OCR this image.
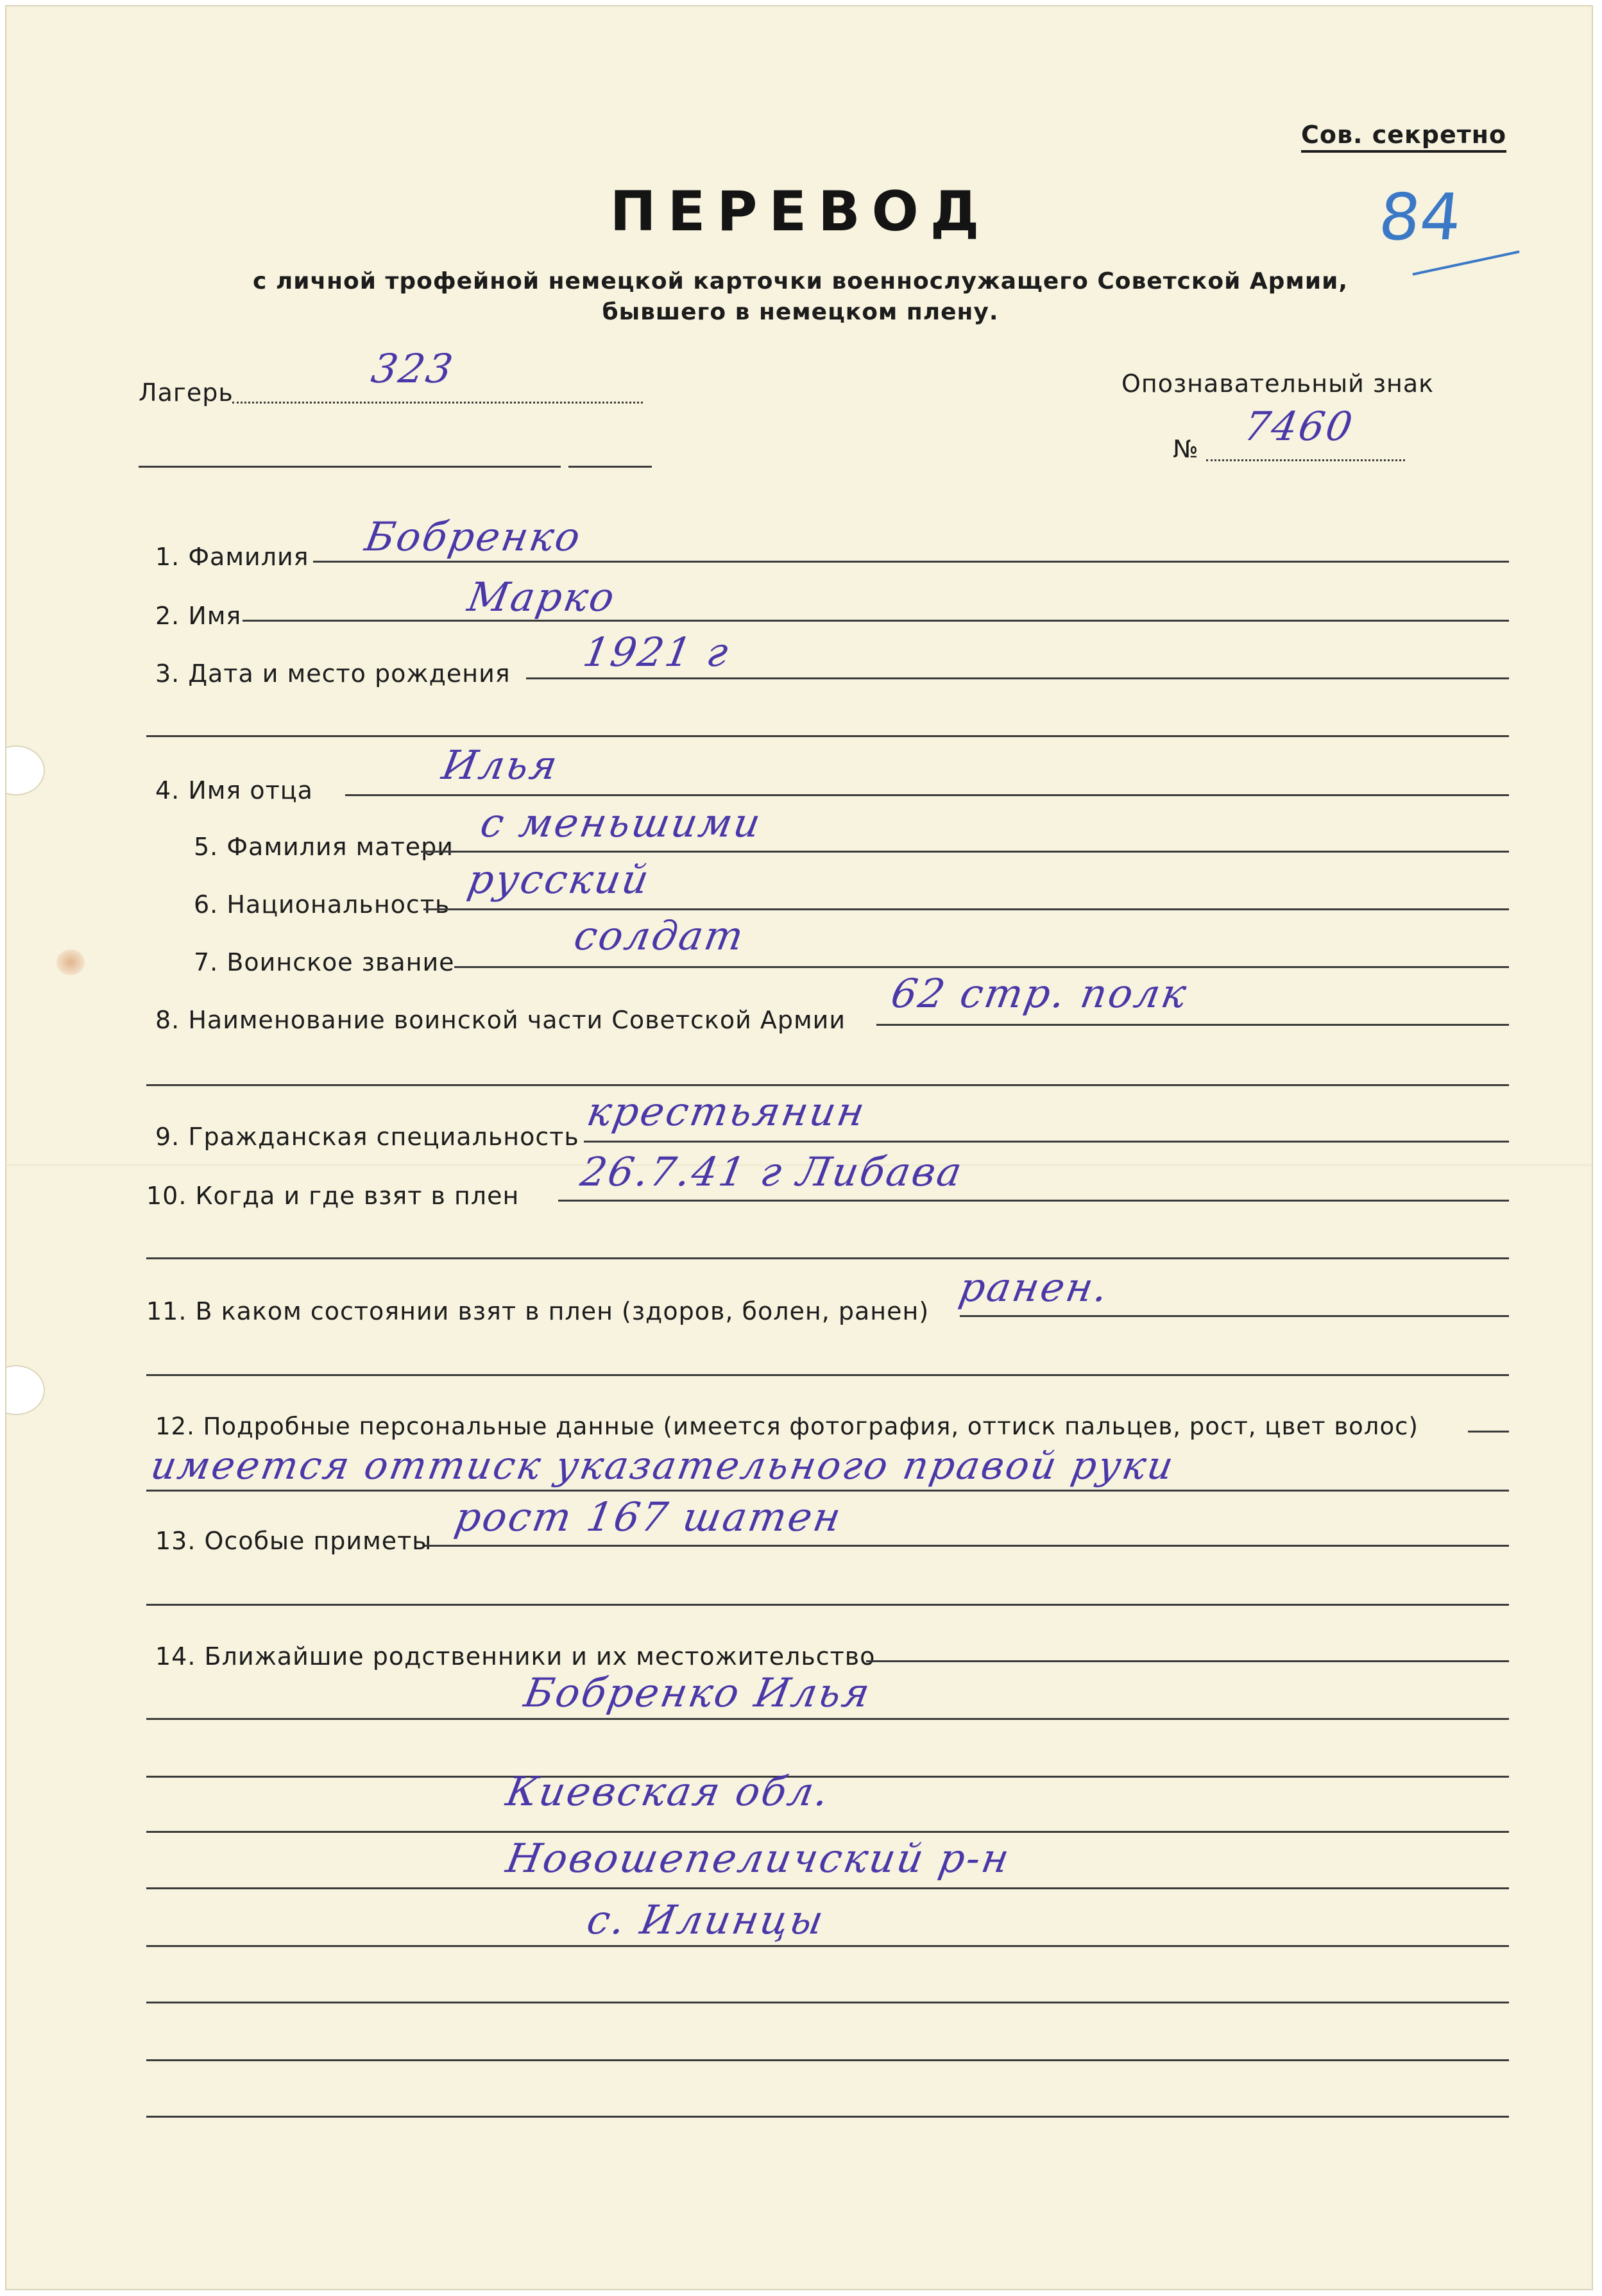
Сов. секретно
84
ПЕРЕВОД
с личной трофейной немецкой карточки военнослужащего Советской Армии,
бывшего в немецком плену.
Лагерь
323	Опознавательный знак
№ 7460
1. Фамилия Бобренко
2. Имя	Марко
3. Дата и место рождения 1921 г
4. Имя отца
Илья
5. Фамилия матери
с меньшими
6. Национальность
русский
7. Воинское звание
солдат
8. Наименование воинской части Советской Армии
62 стр. полк
9. Гражданская специальность
крестьянин
10. Когда и где взят в плен
26.7.41 г Либава
11. В каком состоянии взят в плен (здоров, болен, ранен)
ранен.
12. Подробные персональные данные (имеется фотография, оттиск пальцев, рост, цвет волос)
имеется оттиск указательного правой руки
13. Особые приметы
рост 167 шатен
14. Ближайшие родственники и их местожительство
Бобренко Илья
Киевская обл.
Новошепеличский р-н
с. Илинцы
